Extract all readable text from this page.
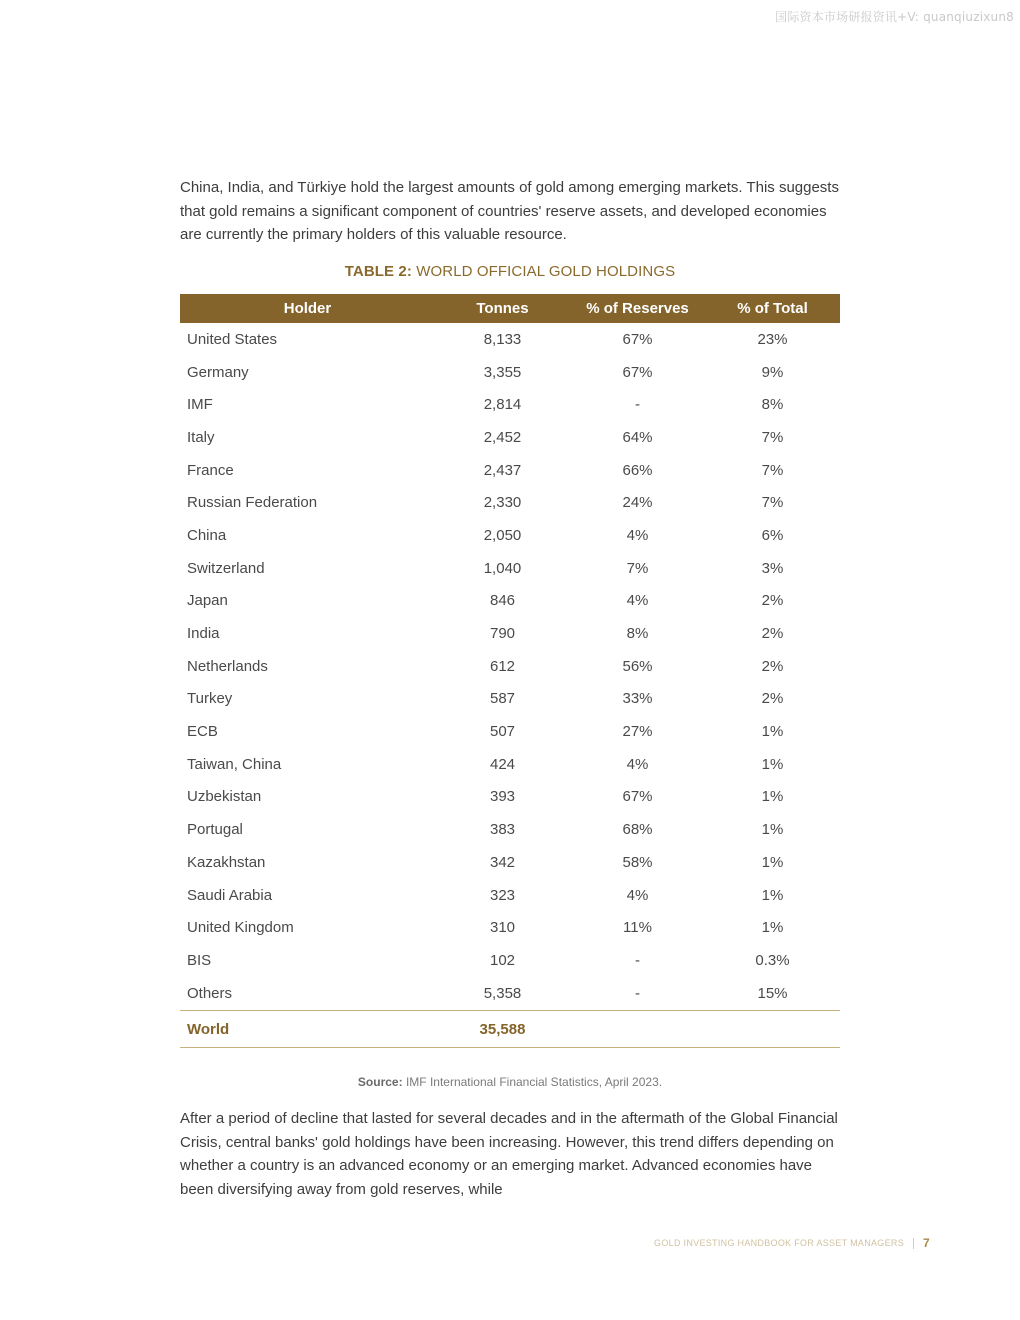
国际资本市场研报资讯+V: quanqiuzixun8

China, India, and Türkiye hold the largest amounts of gold among emerging markets. This suggests that gold remains a significant component of countries' reserve assets, and developed economies are currently the primary holders of this valuable resource.

TABLE 2: WORLD OFFICIAL GOLD HOLDINGS
Holder	Tonnes	% of Reserves	% of Total
United States	8,133	67%	23%
Germany	3,355	67%	9%
IMF	2,814	-	8%
Italy	2,452	64%	7%
France	2,437	66%	7%
Russian Federation	2,330	24%	7%
China	2,050	4%	6%
Switzerland	1,040	7%	3%
Japan	846	4%	2%
India	790	8%	2%
Netherlands	612	56%	2%
Turkey	587	33%	2%
ECB	507	27%	1%
Taiwan, China	424	4%	1%
Uzbekistan	393	67%	1%
Portugal	383	68%	1%
Kazakhstan	342	58%	1%
Saudi Arabia	323	4%	1%
United Kingdom	310	11%	1%
BIS	102	-	0.3%
Others	5,358	-	15%
World	35,588
Source: IMF International Financial Statistics, April 2023.

After a period of decline that lasted for several decades and in the aftermath of the Global Financial Crisis, central banks' gold holdings have been increasing. However, this trend differs depending on whether a country is an advanced economy or an emerging market. Advanced economies have been diversifying away from gold reserves, while

GOLD INVESTING HANDBOOK FOR ASSET MANAGERS 7
